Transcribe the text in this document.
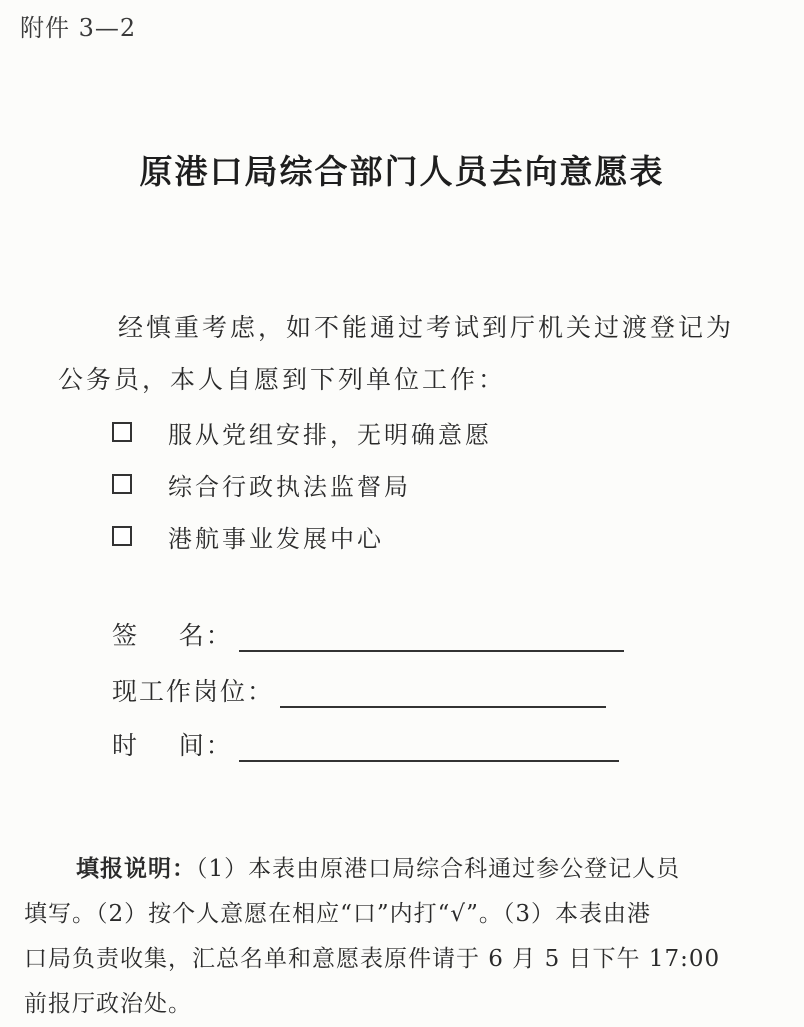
附件 3—2
原港口局综合部门人员去向意愿表
经慎重考虑，如不能通过考试到厅机关过渡登记为
公务员，本人自愿到下列单位工作：
服从党组安排，无明确意愿
综合行政执法监督局
港航事业发展中心
签    名：
现工作岗位：
时    间：
填报说明：（1）本表由原港口局综合科通过参公登记人员
填写。（2）按个人意愿在相应“口”内打“√”。（3）本表由港
口局负责收集，汇总名单和意愿表原件请于 6 月 5 日下午 17:00
前报厅政治处。
